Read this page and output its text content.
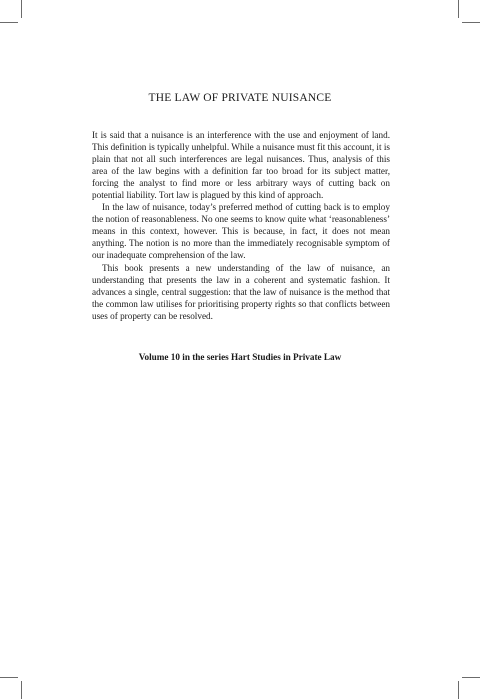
THE LAW OF PRIVATE NUISANCE

It is said that a nuisance is an interference with the use and enjoyment of land. This definition is typically unhelpful. While a nuisance must fit this account, it is plain that not all such interferences are legal nuisances. Thus, analysis of this area of the law begins with a definition far too broad for its subject matter, forcing the analyst to find more or less arbitrary ways of cutting back on potential liability. Tort law is plagued by this kind of approach.

In the law of nuisance, today’s preferred method of cutting back is to employ the notion of reasonableness. No one seems to know quite what ‘reasonableness’ means in this context, however. This is because, in fact, it does not mean anything. The notion is no more than the immediately recognisable symptom of our inadequate comprehension of the law.

This book presents a new understanding of the law of nuisance, an understanding that presents the law in a coherent and systematic fashion. It advances a single, central suggestion: that the law of nuisance is the method that the common law utilises for prioritising property rights so that conflicts between uses of property can be resolved.

Volume 10 in the series Hart Studies in Private Law
